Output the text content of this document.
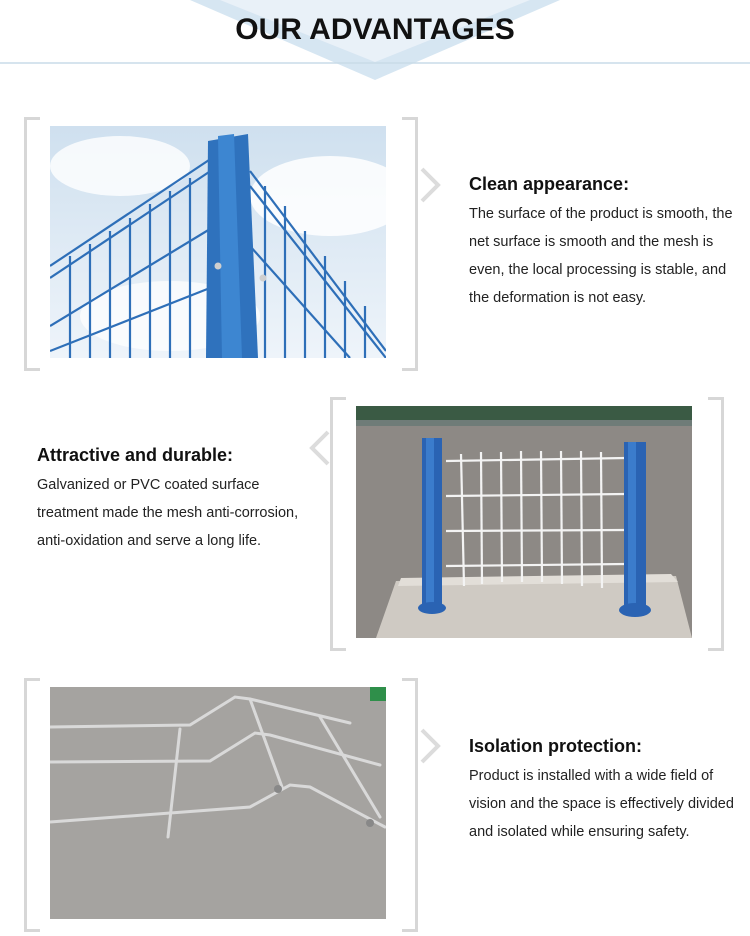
OUR ADVANTAGES
Clean appearance:
The surface of the product is smooth, the net surface is smooth and the mesh is even, the local processing is stable, and the deformation is not easy.
Attractive and durable:
Galvanized or PVC coated surface treatment made the mesh anti-corrosion, anti-oxidation and serve a long life.
Isolation protection:
Product is installed with a wide field of vision and the space is effectively divided and isolated while ensuring safety.
